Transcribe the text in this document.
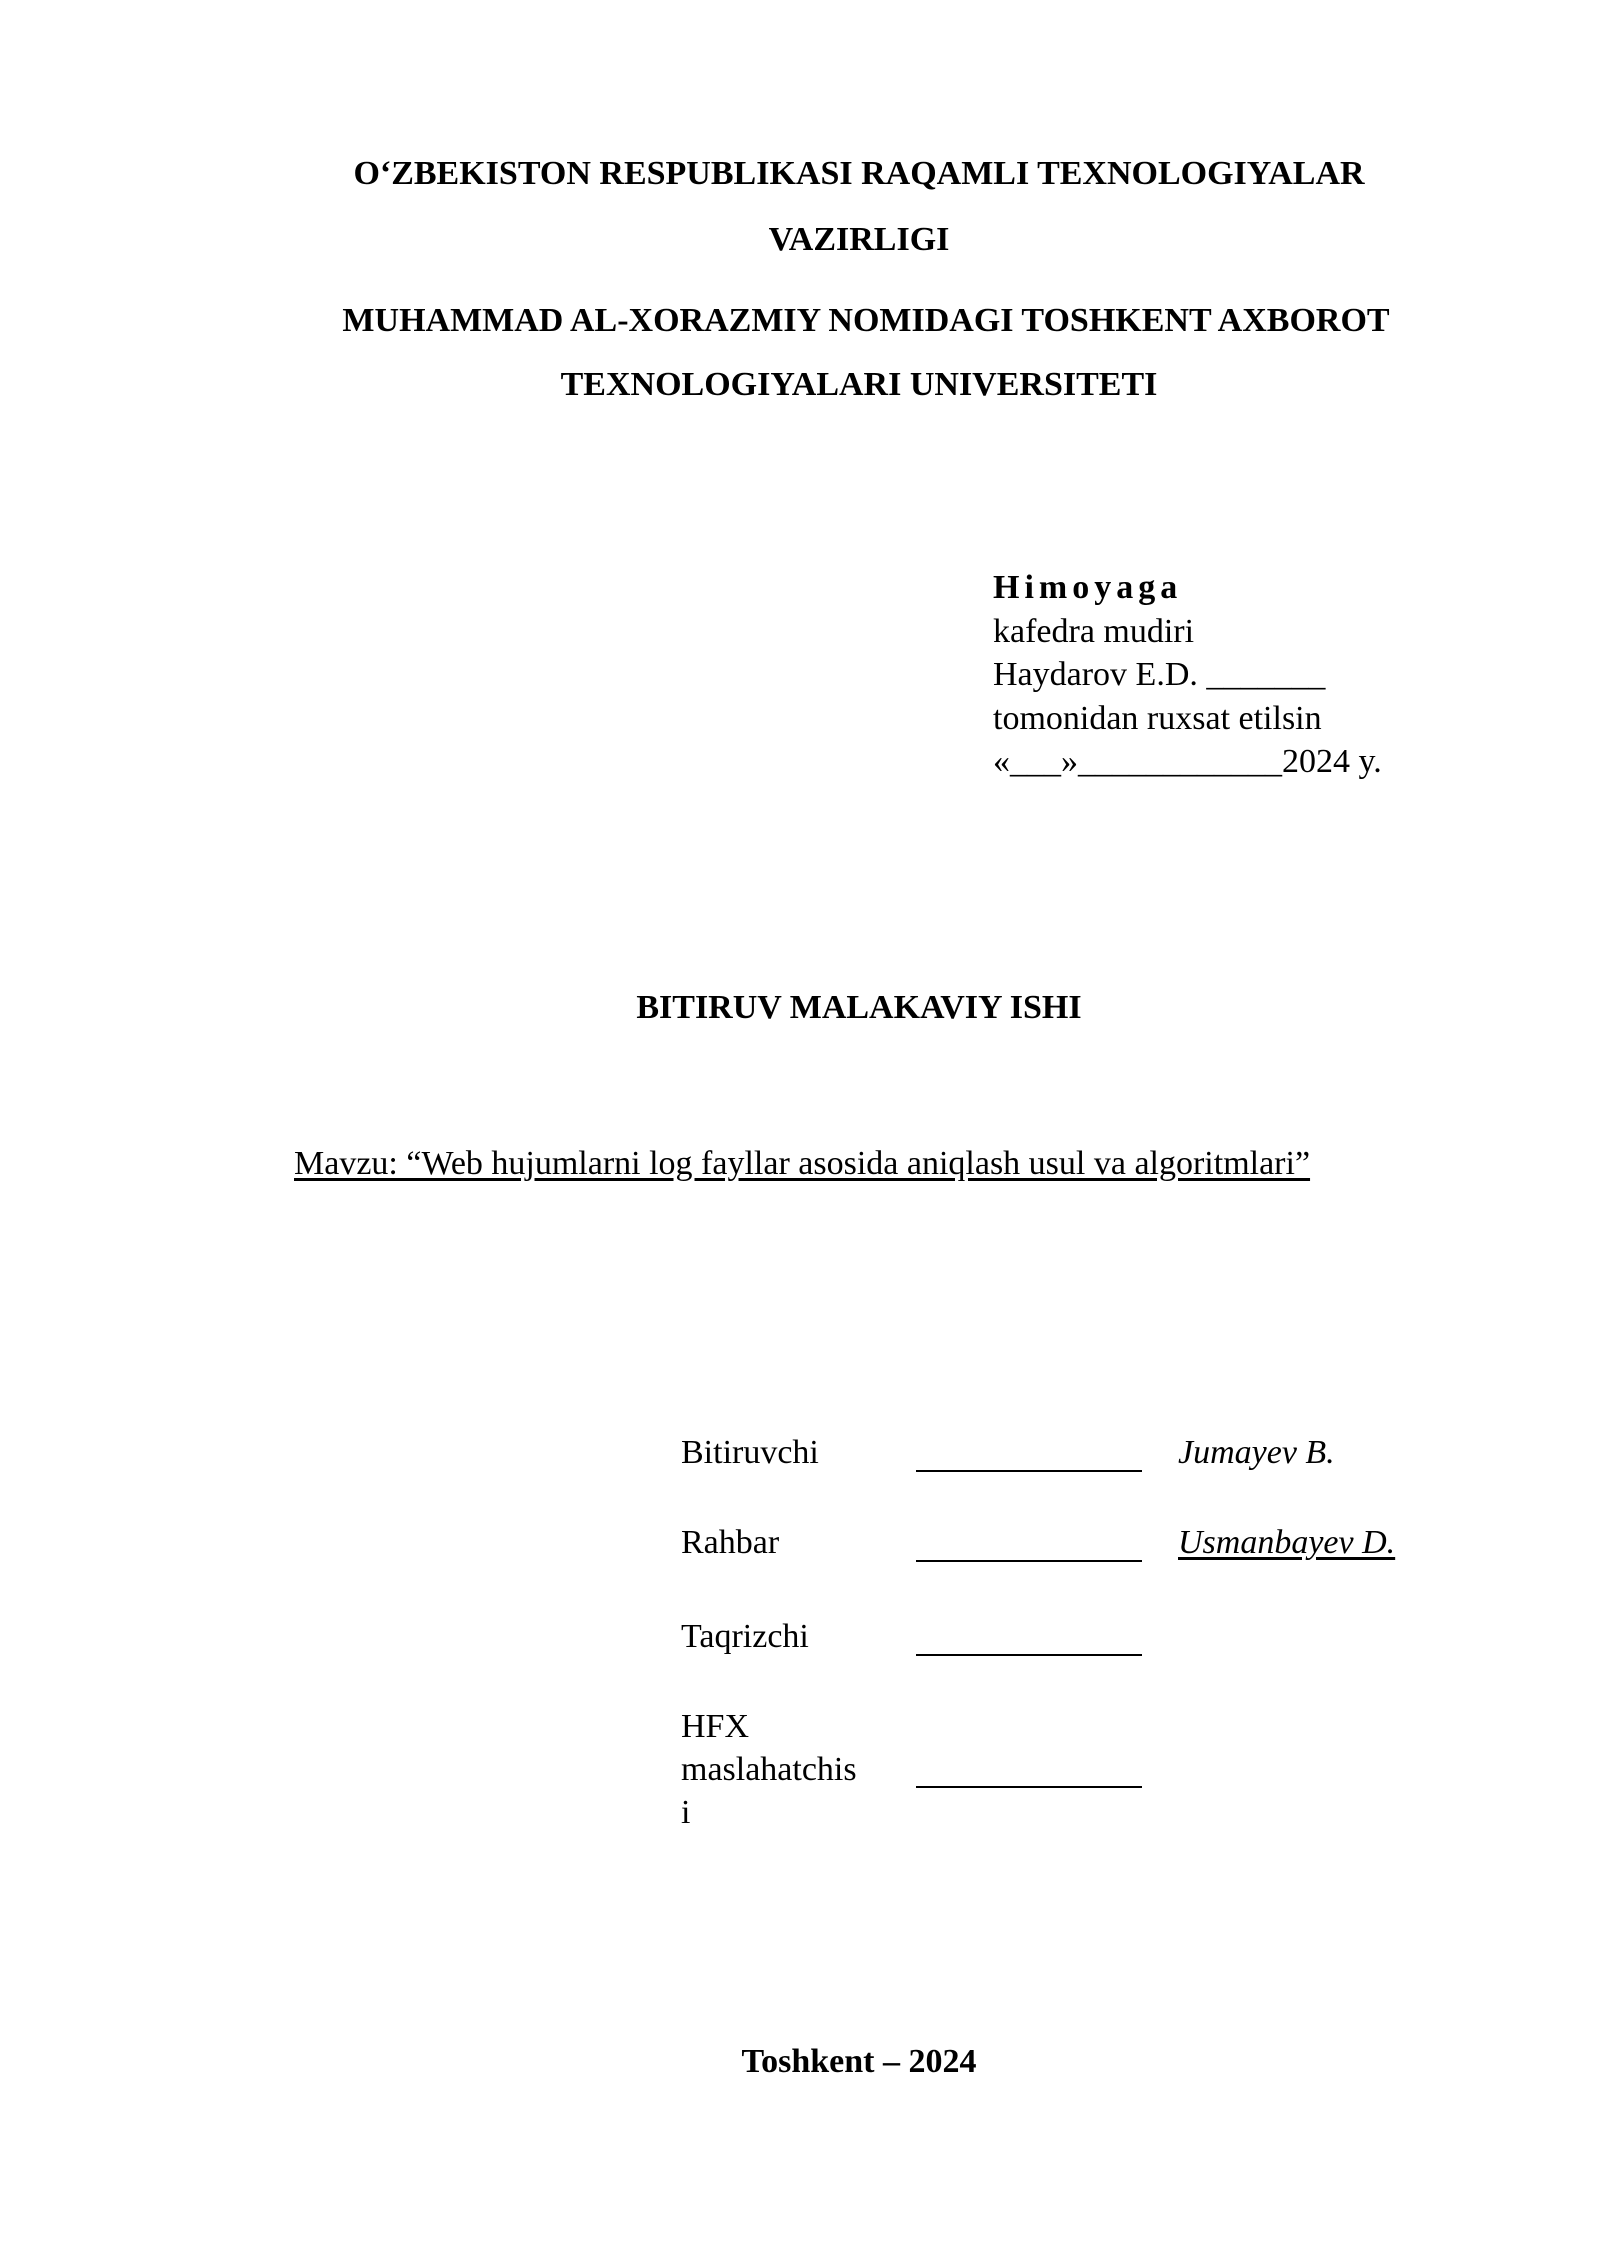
O‘ZBEKISTON RESPUBLIKASI RAQAMLI TEXNOLOGIYALAR
VAZIRLIGI
MUHAMMAD AL-XORAZMIY NOMIDAGI TOSHKENT AXBOROT
TEXNOLOGIYALARI UNIVERSITETI
Himoyaga
kafedra mudiri
Haydarov E.D. _______
tomonidan ruxsat etilsin
«___»____________2024 y.
BITIRUV MALAKAVIY ISHI
Mavzu: “Web hujumlarni log fayllar asosida aniqlash usul va algoritmlari”
Bitiruvchi	Jumayev B.
Rahbar	Usmanbayev D.
Taqrizchi
HFX
maslahatchis
i
Toshkent – 2024
